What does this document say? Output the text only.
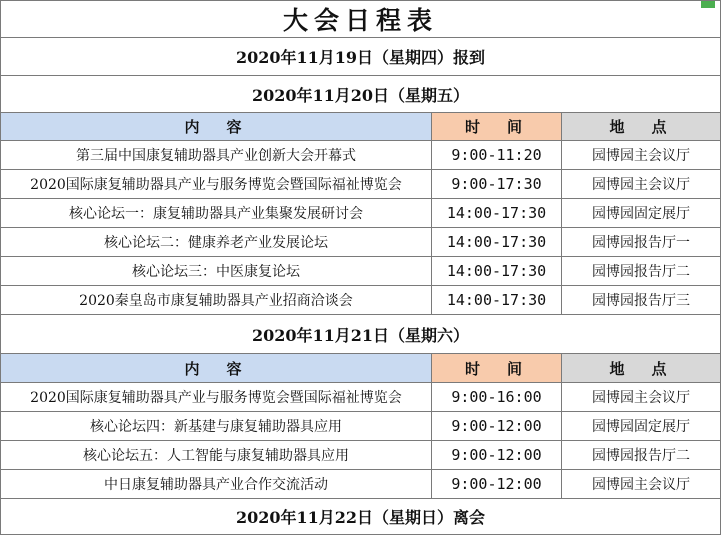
大会日程表
2020年11月19日（星期四）报到
2020年11月20日（星期五）
内　容	时　间	地　点
第三届中国康复辅助器具产业创新大会开幕式	9:00-11:20	园博园主会议厅
2020国际康复辅助器具产业与服务博览会暨国际福祉博览会	9:00-17:30	园博园主会议厅
核心论坛一：康复辅助器具产业集聚发展研讨会	14:00-17:30	园博园固定展厅
核心论坛二：健康养老产业发展论坛	14:00-17:30	园博园报告厅一
核心论坛三：中医康复论坛	14:00-17:30	园博园报告厅二
2020秦皇岛市康复辅助器具产业招商洽谈会	14:00-17:30	园博园报告厅三
2020年11月21日（星期六）
内　容	时　间	地　点
2020国际康复辅助器具产业与服务博览会暨国际福祉博览会	9:00-16:00	园博园主会议厅
核心论坛四：新基建与康复辅助器具应用	9:00-12:00	园博园固定展厅
核心论坛五：人工智能与康复辅助器具应用	9:00-12:00	园博园报告厅二
中日康复辅助器具产业合作交流活动	9:00-12:00	园博园主会议厅
2020年11月22日（星期日）离会
